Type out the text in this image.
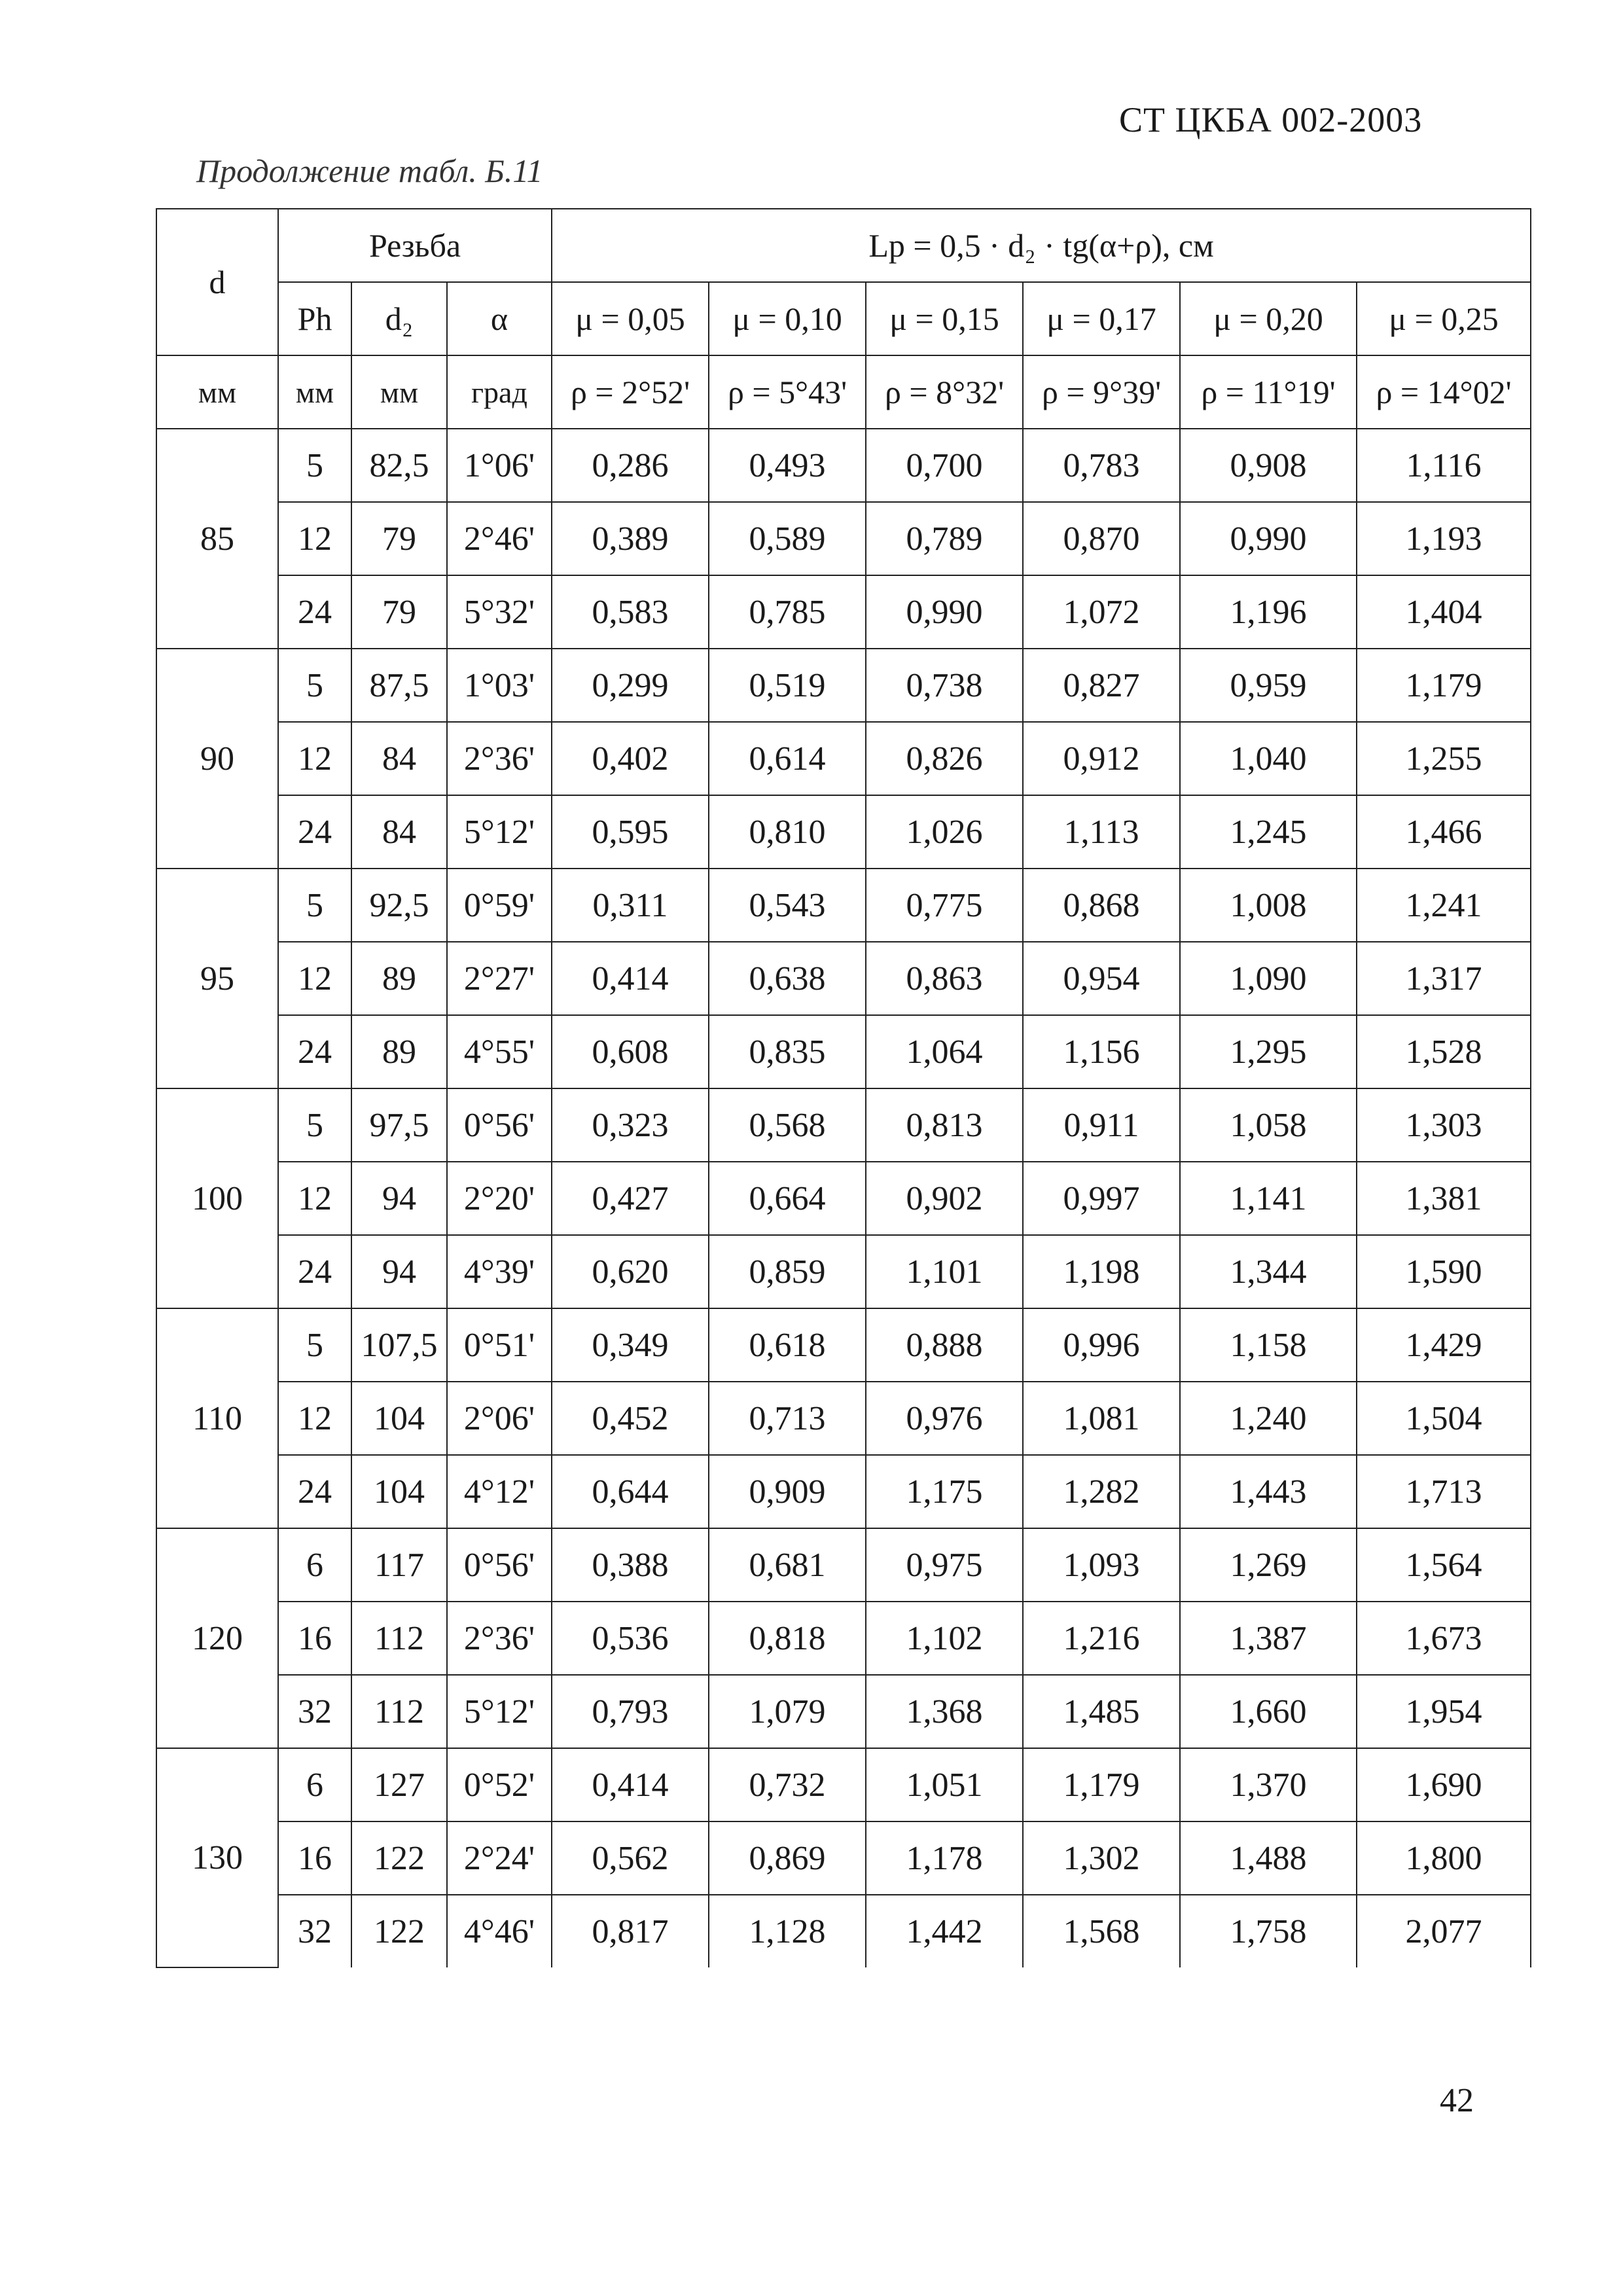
СТ ЦКБА 002-2003
Продолжение табл. Б.11
d	Резьба			Lр = 0,5 · d₂ · tg(α+ρ), см					
	Ph	d₂	α	μ = 0,05	μ = 0,10	μ = 0,15	μ = 0,17	μ = 0,20	μ = 0,25
мм	мм	мм	град	ρ = 2°52'	ρ = 5°43'	ρ = 8°32'	ρ = 9°39'	ρ = 11°19'	ρ = 14°02'
85	5	82,5	1°06'	0,286	0,493	0,700	0,783	0,908	1,116
	12	79	2°46'	0,389	0,589	0,789	0,870	0,990	1,193
	24	79	5°32'	0,583	0,785	0,990	1,072	1,196	1,404
90	5	87,5	1°03'	0,299	0,519	0,738	0,827	0,959	1,179
	12	84	2°36'	0,402	0,614	0,826	0,912	1,040	1,255
	24	84	5°12'	0,595	0,810	1,026	1,113	1,245	1,466
95	5	92,5	0°59'	0,311	0,543	0,775	0,868	1,008	1,241
	12	89	2°27'	0,414	0,638	0,863	0,954	1,090	1,317
	24	89	4°55'	0,608	0,835	1,064	1,156	1,295	1,528
100	5	97,5	0°56'	0,323	0,568	0,813	0,911	1,058	1,303
	12	94	2°20'	0,427	0,664	0,902	0,997	1,141	1,381
	24	94	4°39'	0,620	0,859	1,101	1,198	1,344	1,590
110	5	107,5	0°51'	0,349	0,618	0,888	0,996	1,158	1,429
	12	104	2°06'	0,452	0,713	0,976	1,081	1,240	1,504
	24	104	4°12'	0,644	0,909	1,175	1,282	1,443	1,713
120	6	117	0°56'	0,388	0,681	0,975	1,093	1,269	1,564
	16	112	2°36'	0,536	0,818	1,102	1,216	1,387	1,673
	32	112	5°12'	0,793	1,079	1,368	1,485	1,660	1,954
130	6	127	0°52'	0,414	0,732	1,051	1,179	1,370	1,690
	16	122	2°24'	0,562	0,869	1,178	1,302	1,488	1,800
	32	122	4°46'	0,817	1,128	1,442	1,568	1,758	2,077
42
